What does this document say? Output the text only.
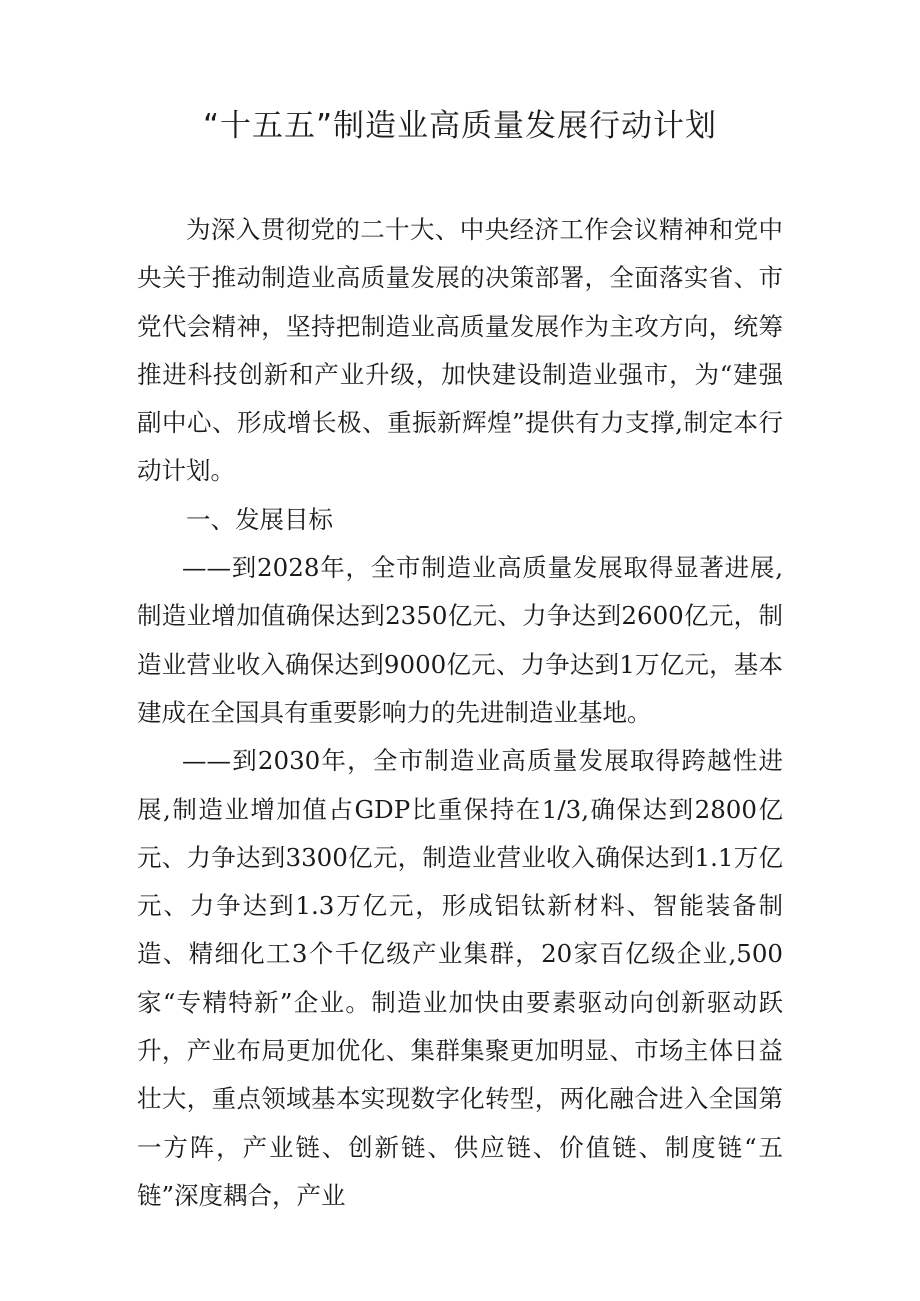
“十五五”制造业高质量发展行动计划

为深入贯彻党的二十大、中央经济工作会议精神和党中央关于推动制造业高质量发展的决策部署，全面落实省、市党代会精神，坚持把制造业高质量发展作为主攻方向，统筹推进科技创新和产业升级，加快建设制造业强市，为“建强副中心、形成增长极、重振新辉煌”提供有力支撑,制定本行动计划。

一、发展目标

——到2028年，全市制造业高质量发展取得显著进展,制造业增加值确保达到2350亿元、力争达到2600亿元，制造业营业收入确保达到9000亿元、力争达到1万亿元，基本建成在全国具有重要影响力的先进制造业基地。

——到2030年，全市制造业高质量发展取得跨越性进展,制造业增加值占GDP比重保持在1/3,确保达到2800亿元、力争达到3300亿元，制造业营业收入确保达到1.1万亿元、力争达到1.3万亿元，形成铝钛新材料、智能装备制造、精细化工3个千亿级产业集群，20家百亿级企业,500家“专精特新”企业。制造业加快由要素驱动向创新驱动跃升，产业布局更加优化、集群集聚更加明显、市场主体日益壮大，重点领域基本实现数字化转型，两化融合进入全国第一方阵，产业链、创新链、供应链、价值链、制度链“五链”深度耦合，产业
